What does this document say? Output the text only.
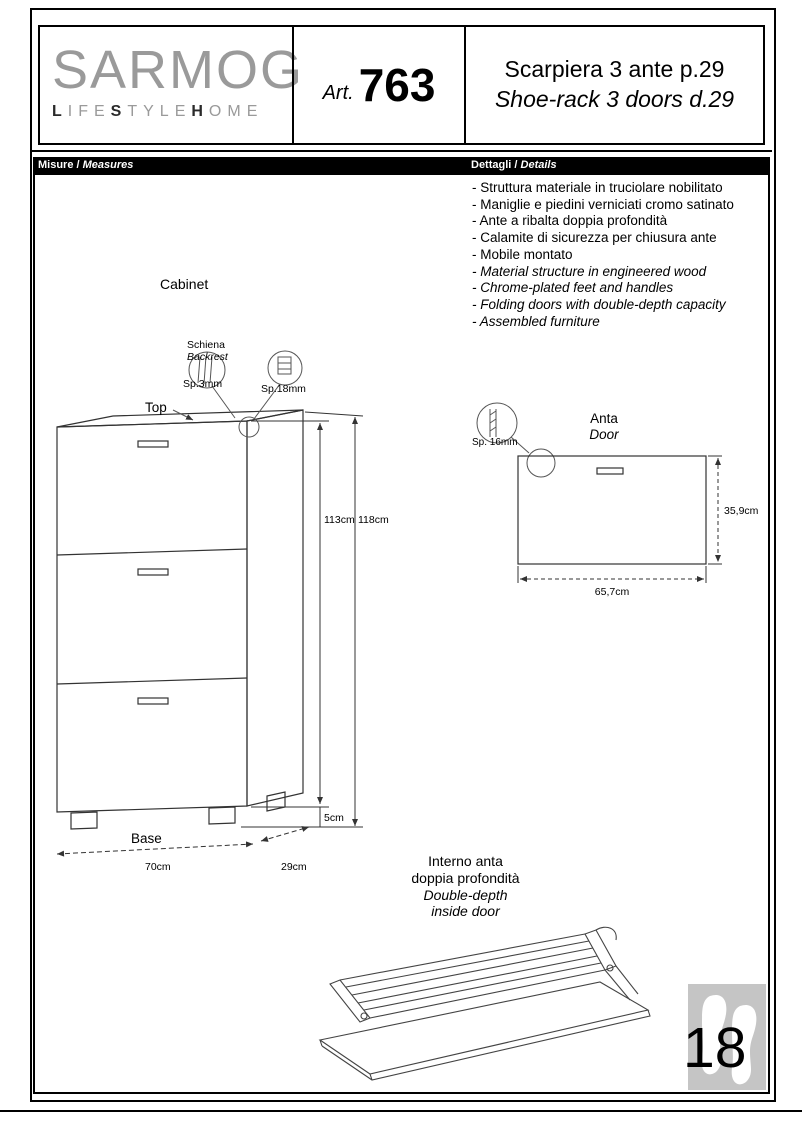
SARMOG
LIFESTYLEHOME
Art. 763	Scarpiera 3 ante p.29
Shoe-rack 3 doors d.29
Misure / Measures	Dettagli / Details
- Struttura materiale in truciolare nobilitato
- Maniglie e piedini verniciati cromo satinato
- Ante a ribalta doppia profondità
- Calamite di sicurezza per chiusura ante
- Mobile montato
- Material structure in engineered wood
- Chrome-plated feet and handles
- Folding doors with double-depth capacity
- Assembled furniture
Cabinet
Schiena
Backrest
Sp.3mm	Sp.18mm
Top
Base
113cm 118cm
5cm
70cm	29cm
Anta
Door
Sp. 16mm
35,9cm
65,7cm
Interno anta
doppia profondità
Double-depth
inside door
18
